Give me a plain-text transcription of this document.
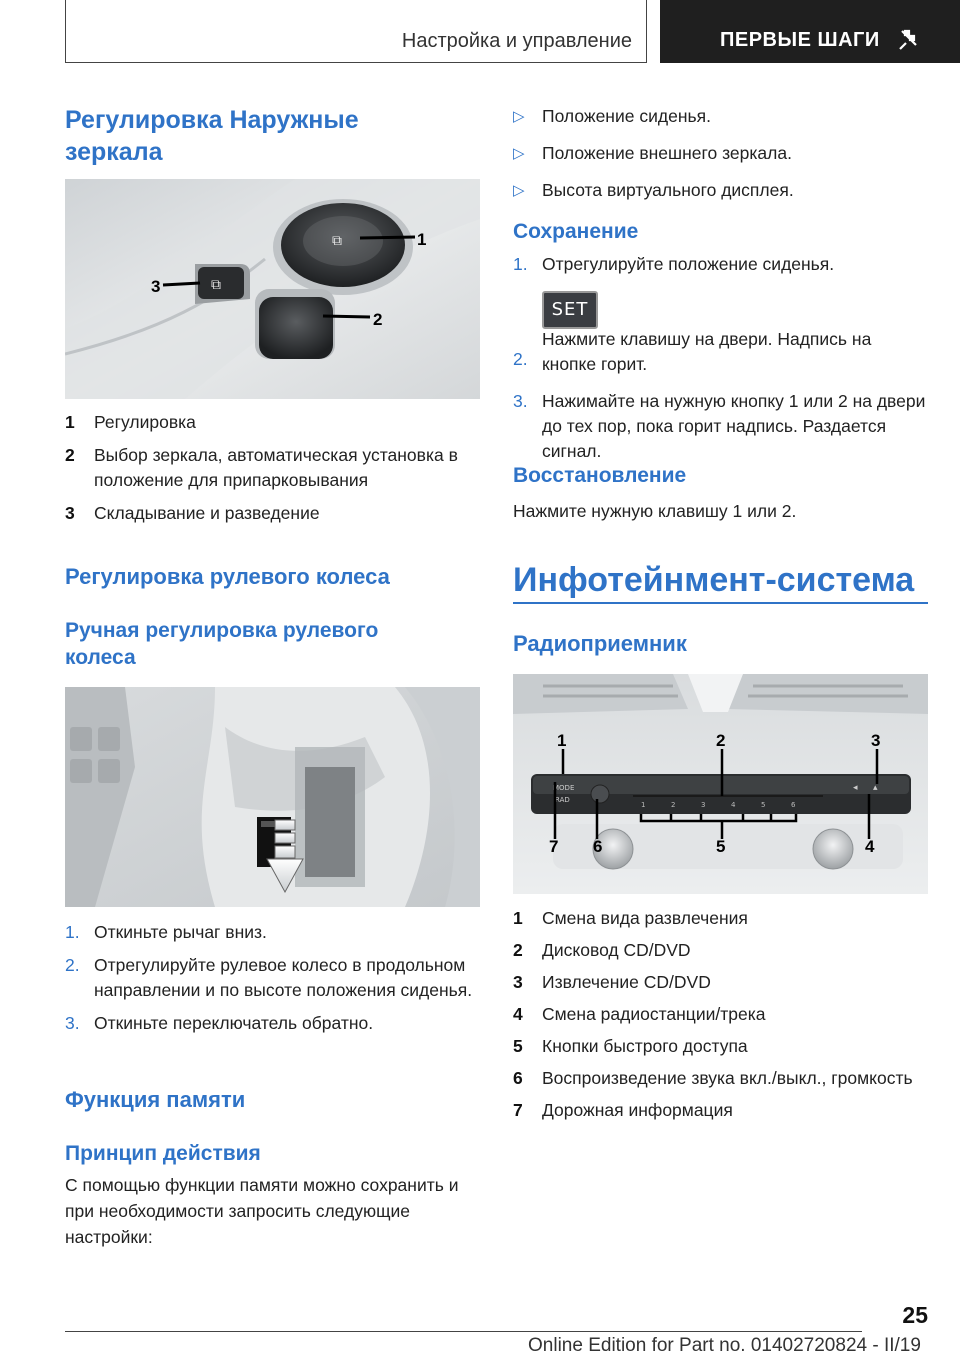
Настройка и управление	ПЕРВЫЕ ШАГИ
Регулировка Наружные зеркала
⧉
⧉
1
2
3
1	Регулировка
2	Выбор зеркала, автоматическая установка в положение для припарковывания
3	Складывание и разведение
Регулировка рулевого колеса
Ручная регулировка рулевого колеса
1. Откиньте рычаг вниз.
2. Отрегулируйте рулевое колесо в продольном направлении и по высоте положения сиденья.
3. Откиньте переключатель обратно.
Функция памяти
Принцип действия

С помощью функции памяти можно сохранить и при необходимости запросить следующие настройки:

▷ Положение сиденья.
▷ Положение внешнего зеркала.
▷ Высота виртуального дисплея.
Сохранение
1. Отрегулируйте положение сиденья.
2.
SET
Нажмите клавишу на двери. Надпись на кнопке горит.
3. Нажимайте на нужную кнопку 1 или 2 на двери до тех пор, пока горит надпись. Раздается сигнал.
Восстановление

Нажмите нужную клавишу 1 или 2.

Инфотейнмент-система
Радиоприемник
MODE
RAD
1	2	3	4	5	6
◂ ▴
1	2	3
7 6	5	4
1	Смена вида развлечения
2	Дисковод CD/DVD
3	Извлечение CD/DVD
4	Смена радиостанции/трека
5	Кнопки быстрого доступа
6	Воспроизведение звука вкл./выкл., громкость
7	Дорожная информация
25
Online Edition for Part no. 01402720824 - II/19
